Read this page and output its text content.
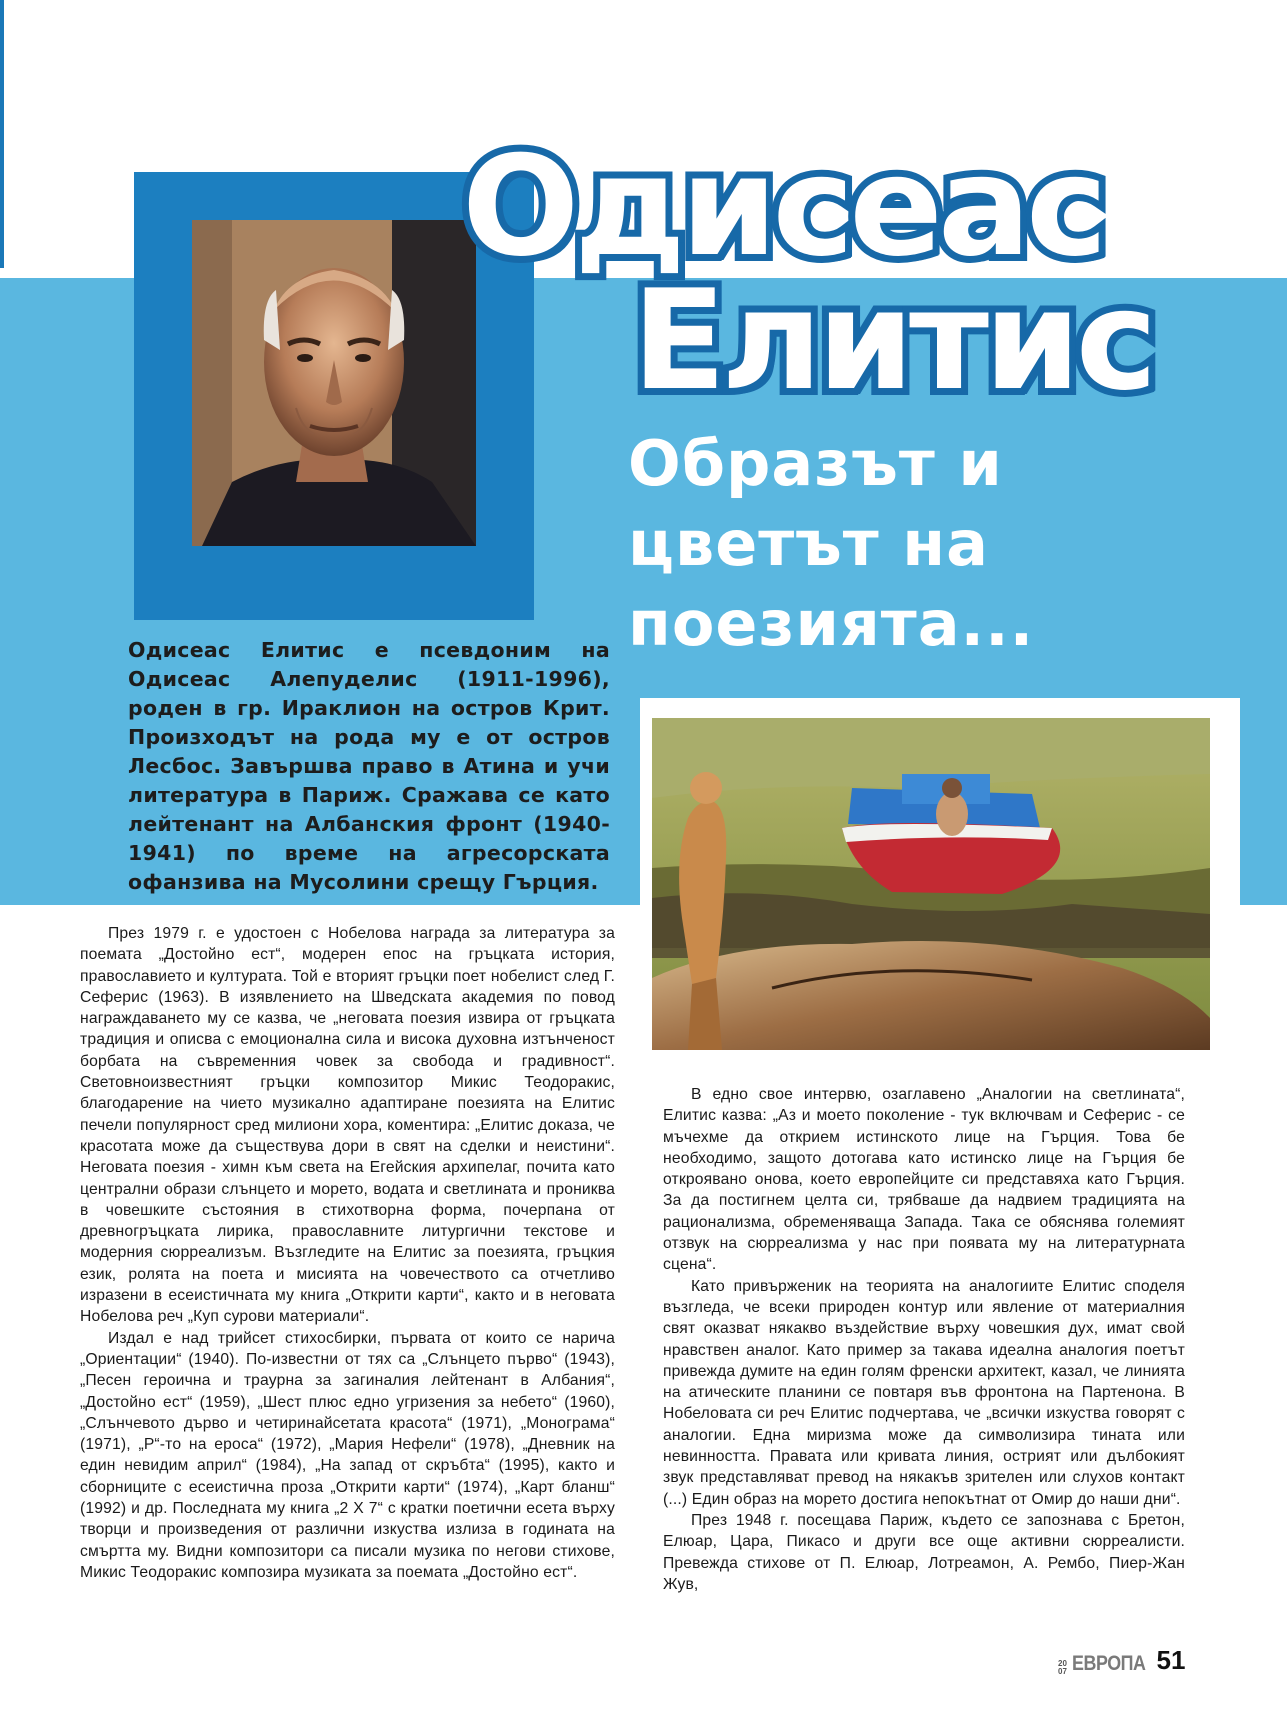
Одисеас
Елитис
Образът и
цветът на
поезията...

Одисеас Елитис е псевдоним на Одисеас Алепуделис (1911-1996), роден в гр. Ираклион на остров Крит. Произходът на рода му е от остров Лесбос. Завършва право в Атина и учи литература в Париж. Сражава се като лейтенант на Албанския фронт (1940-1941) по време на агресорската офанзива на Мусолини срещу Гърция.

През 1979 г. е удостоен с Нобелова награда за литература за поемата „Достойно ест“, модерен епос на гръцката история, православието и културата. Той е вторият гръцки поет нобелист след Г. Сеферис (1963). В изявлението на Шведската академия по повод награждаването му се казва, че „неговата поезия извира от гръцката традиция и описва с емоционална сила и висока духовна изтънченост борбата на съвременния човек за свобода и градивност“. Световноизвестният гръцки композитор Микис Теодоракис, благодарение на чието музикално адаптиране поезията на Елитис печели популярност сред милиони хора, коментира: „Елитис доказа, че красотата може да съществува дори в свят на сделки и неистини“. Неговата поезия - химн към света на Егейския архипелаг, почита като централни образи слънцето и морето, водата и светлината и прониква в човешките състояния в стихотворна форма, почерпана от древногръцката лирика, православните литургични текстове и модерния сюрреализъм. Възгледите на Елитис за поезията, гръцкия език, ролята на поета и мисията на човечеството са отчетливо изразени в есеистичната му книга „Открити карти“, както и в неговата Нобелова реч „Куп сурови материали“.

Издал е над трийсет стихосбирки, първата от които се нарича „Ориентации“ (1940). По-известни от тях са „Слънцето първо“ (1943), „Песен героична и траурна за загиналия лейтенант в Албания“, „Достойно ест“ (1959), „Шест плюс едно угризения за небето“ (1960), „Слънчевото дърво и четиринайсетата красота“ (1971), „Монограма“ (1971), „Р“-то на ероса“ (1972), „Мария Нефели“ (1978), „Дневник на един невидим април“ (1984), „На запад от скръбта“ (1995), както и сборниците с есеистична проза „Открити карти“ (1974), „Карт бланш“ (1992) и др. Последната му книга „2 Х 7“ с кратки поетични есета върху творци и произведения от различни изкуства излиза в годината на смъртта му. Видни композитори са писали музика по негови стихове, Микис Теодоракис композира музиката за поемата „Достойно ест“.

В едно свое интервю, озаглавено „Аналогии на светлината“, Елитис казва: „Аз и моето поколение - тук включвам и Сеферис - се мъчехме да открием истинското лице на Гърция. Това бе необходимо, защото дотогава като истинско лице на Гърция бе откроявано онова, което европейците си представяха като Гърция. За да постигнем целта си, трябваше да надвием традицията на рационализма, обременяваща Запада. Така се обяснява големият отзвук на сюрреализма у нас при появата му на литературната сцена“.

Като привърженик на теорията на аналогиите Елитис споделя възгледа, че всеки природен контур или явление от материалния свят оказват някакво въздействие върху човешкия дух, имат свой нравствен аналог. Като пример за такава идеална аналогия поетът привежда думите на един голям френски архитект, казал, че линията на атическите планини се повтаря във фронтона на Партенона. В Нобеловата си реч Елитис подчертава, че „всички изкуства говорят с аналогии. Една миризма може да символизира тината или невинността. Правата или кривата линия, острият или дълбокият звук представляват превод на някакъв зрителен или слухов контакт (...) Един образ на морето достига непокътнат от Омир до наши дни“.

През 1948 г. посещава Париж, където се запознава с Бретон, Елюар, Цара, Пикасо и други все още активни сюрреалисти. Превежда стихове от П. Елюар, Лотреамон, А. Рембо, Пиер-Жан Жув,

2007 ЕВРОПА 51
